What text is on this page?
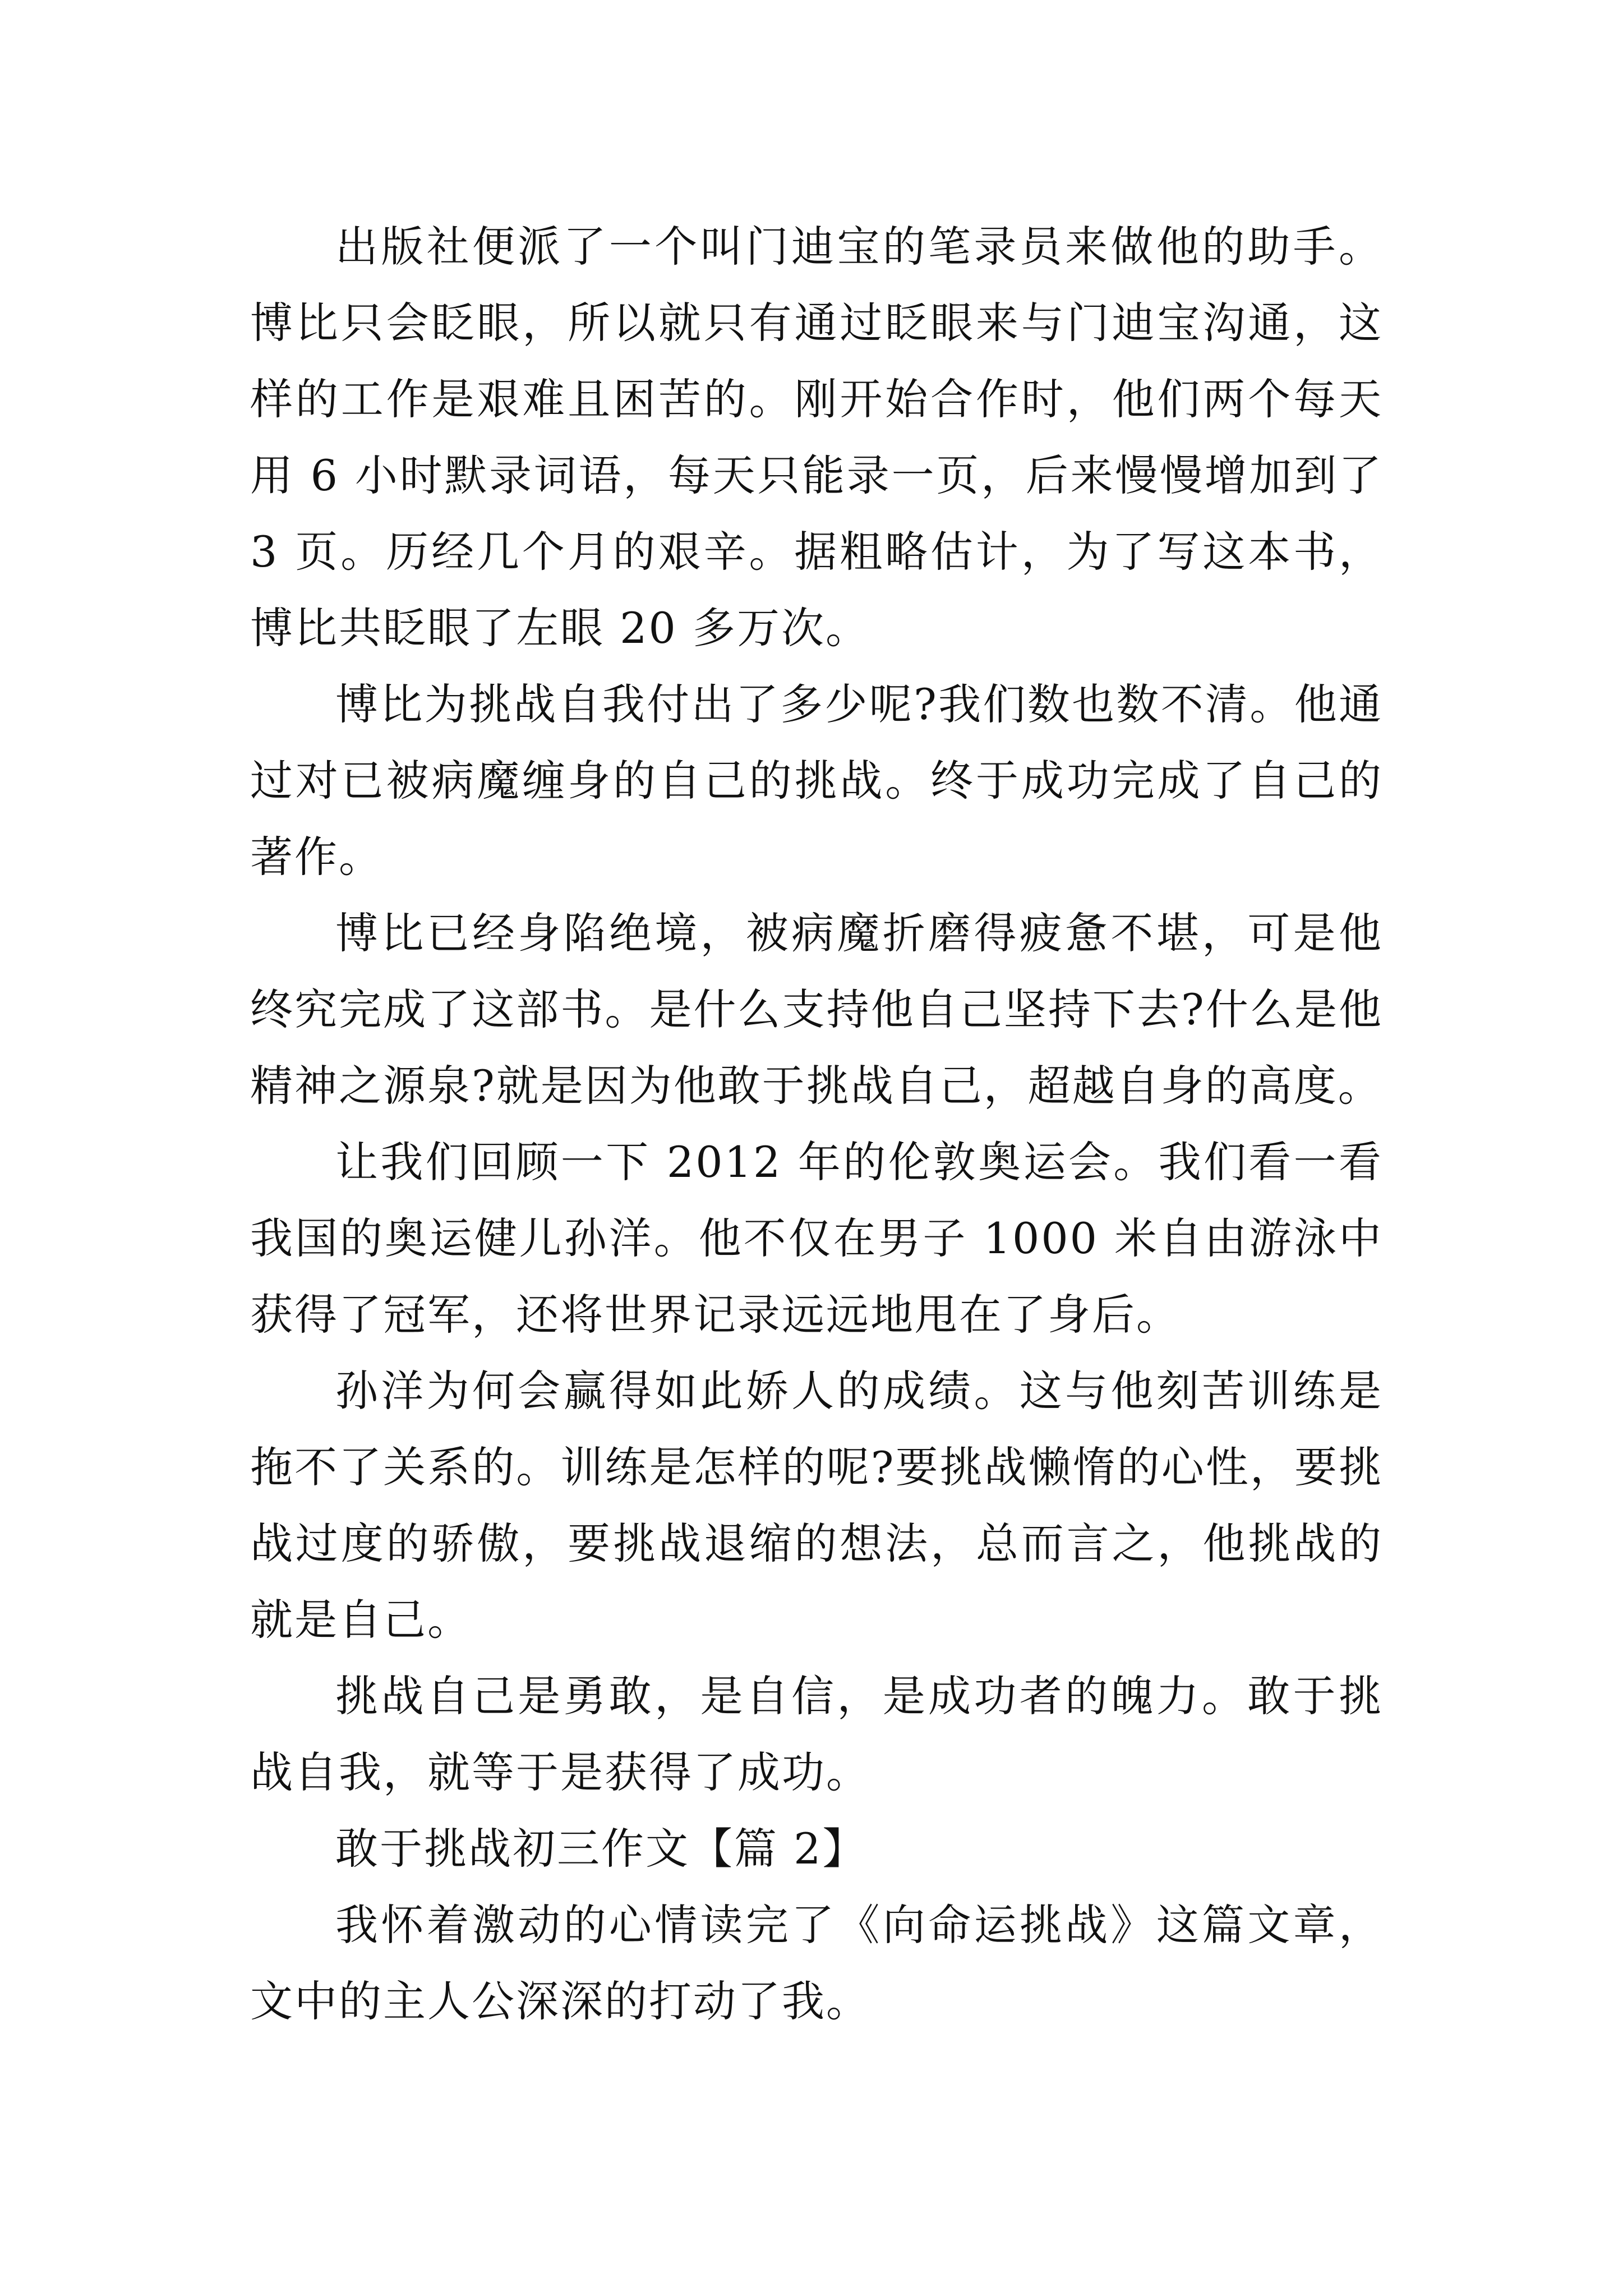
出版社便派了一个叫门迪宝的笔录员来做他的助手。博比只会眨眼，所以就只有通过眨眼来与门迪宝沟通，这样的工作是艰难且困苦的。刚开始合作时，他们两个每天用 6 小时默录词语，每天只能录一页，后来慢慢增加到了 3 页。历经几个月的艰辛。据粗略估计，为了写这本书，博比共眨眼了左眼 20 多万次。

博比为挑战自我付出了多少呢?我们数也数不清。他通过对已被病魔缠身的自己的挑战。终于成功完成了自己的著作。

博比已经身陷绝境，被病魔折磨得疲惫不堪，可是他终究完成了这部书。是什么支持他自己坚持下去?什么是他精神之源泉?就是因为他敢于挑战自己，超越自身的高度。

让我们回顾一下 2012 年的伦敦奥运会。我们看一看我国的奥运健儿孙洋。他不仅在男子 1000 米自由游泳中获得了冠军，还将世界记录远远地甩在了身后。

孙洋为何会赢得如此娇人的成绩。这与他刻苦训练是拖不了关系的。训练是怎样的呢?要挑战懒惰的心性，要挑战过度的骄傲，要挑战退缩的想法，总而言之，他挑战的就是自己。

挑战自己是勇敢，是自信，是成功者的魄力。敢于挑战自我，就等于是获得了成功。

敢于挑战初三作文【篇 2】

我怀着激动的心情读完了《向命运挑战》这篇文章，文中的主人公深深的打动了我。
